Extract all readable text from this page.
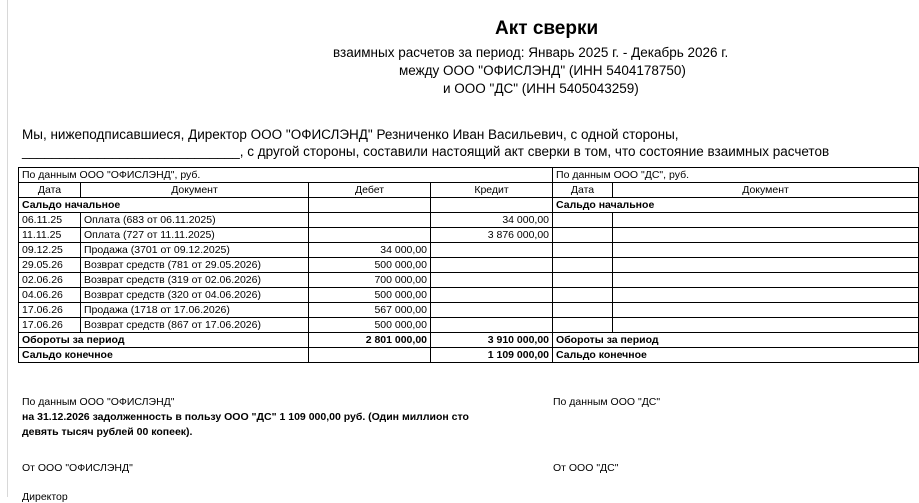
Акт сверки
взаимных расчетов за период: Январь 2025 г. - Декабрь 2026 г.
между ООО "ОФИСЛЭНД" (ИНН 5404178750)
и ООО "ДС" (ИНН 5405043259)
Мы, нижеподписавшиеся, Директор ООО "ОФИСЛЭНД" Резниченко Иван Васильевич, с одной стороны,
_____________________________, с другой стороны, составили настоящий акт сверки в том, что состояние взаимных расчетов
По данным ООО "ОФИСЛЭНД", руб.				По данным ООО "ДС", руб.	
Дата	Документ	Дебет	Кредит	Дата	Документ
Сальдо начальное				Сальдо начальное	
06.11.25	Оплата (683 от 06.11.2025)		34 000,00		
11.11.25	Оплата (727 от 11.11.2025)		3 876 000,00		
09.12.25	Продажа (3701 от 09.12.2025)	34 000,00			
29.05.26	Возврат средств (781 от 29.05.2026)	500 000,00			
02.06.26	Возврат средств (319 от 02.06.2026)	700 000,00			
04.06.26	Возврат средств (320 от 04.06.2026)	500 000,00			
17.06.26	Продажа (1718 от 17.06.2026)	567 000,00			
17.06.26	Возврат средств (867 от 17.06.2026)	500 000,00			
Обороты за период		2 801 000,00	3 910 000,00	Обороты за период	
Сальдо конечное			1 109 000,00	Сальдо конечное	
По данным ООО "ОФИСЛЭНД"	По данным ООО "ДС"
на 31.12.2026 задолженность в пользу ООО "ДС" 1 109 000,00 руб. (Один миллион сто
девять тысяч рублей 00 копеек).
От ООО "ОФИСЛЭНД"	От ООО "ДС"
Директор
